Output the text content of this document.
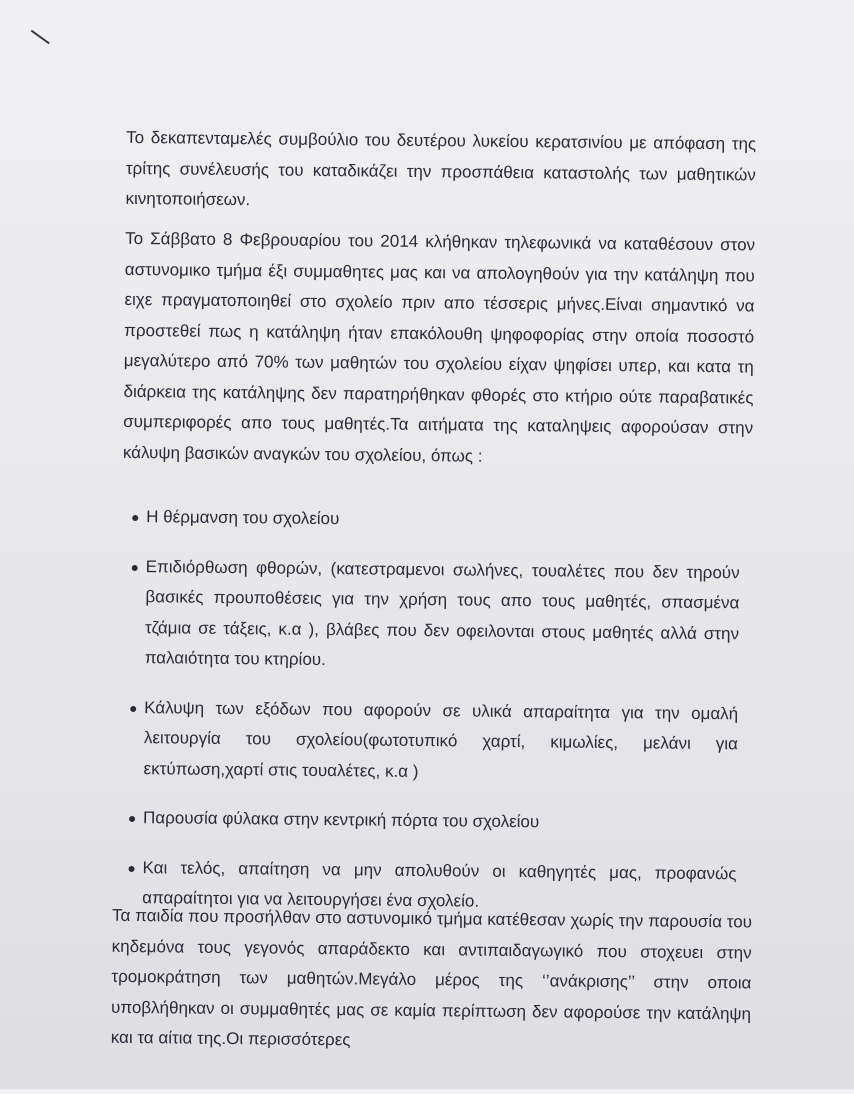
Το δεκαπενταμελές συμβούλιο του δευτέρου λυκείου κερατσινίου με απόφαση της τρίτης συνέλευσής του καταδικάζει την προσπάθεια καταστολής των μαθητικών κινητοποιήσεων.
Το Σάββατο 8 Φεβρουαρίου του 2014 κλήθηκαν τηλεφωνικά να καταθέσουν στον αστυνομικο τμήμα έξι συμμαθητες μας και να απολογηθούν για την κατάληψη που ειχε πραγματοποιηθεί στο σχολείο πριν απο τέσσερις μήνες.Είναι σημαντικό να προστεθεί πως η κατάληψη ήταν επακόλουθη ψηφοφορίας στην οποία ποσοστό μεγαλύτερο από 70% των μαθητών του σχολείου είχαν ψηφίσει υπερ, και κατα τη διάρκεια της κατάληψης δεν παρατηρήθηκαν φθορές στο κτήριο ούτε παραβατικές συμπεριφορές απο τους μαθητές.Τα αιτήματα της καταληψεις αφορούσαν στην κάλυψη βασικών αναγκών του σχολείου, όπως :
Η θέρμανση του σχολείου
Επιδιόρθωση φθορών, (κατεστραμενοι σωλήνες, τουαλέτες που δεν τηρούν βασικές προυποθέσεις για την χρήση τους απο τους μαθητές, σπασμένα τζάμια σε τάξεις, κ.α ), βλάβες που δεν οφειλονται στους μαθητές αλλά στην παλαιότητα του κτηρίου.
Κάλυψη των εξόδων που αφορούν σε υλικά απαραίτητα για την ομαλή λειτουργία του σχολείου(φωτοτυπικό χαρτί, κιμωλίες, μελάνι για εκτύπωση,χαρτί στις τουαλέτες, κ.α )
Παρουσία φύλακα στην κεντρική πόρτα του σχολείου
Και τελός, απαίτηση να μην απολυθούν οι καθηγητές μας, προφανώς απαραίτητοι για να λειτουργήσει ένα σχολείο.
Τα παιδία που προσήλθαν στο αστυνομικό τμήμα κατέθεσαν χωρίς την παρουσία του κηδεμόνα τους γεγονός απαράδεκτο και αντιπαιδαγωγικό που στοχευει στην τρομοκράτηση των μαθητών.Μεγάλο μέρος της ‘’ανάκρισης’’ στην οποια υποβλήθηκαν οι συμμαθητές μας σε καμία περίπτωση δεν αφορούσε την κατάληψη και τα αίτια της.Οι περισσότερες
